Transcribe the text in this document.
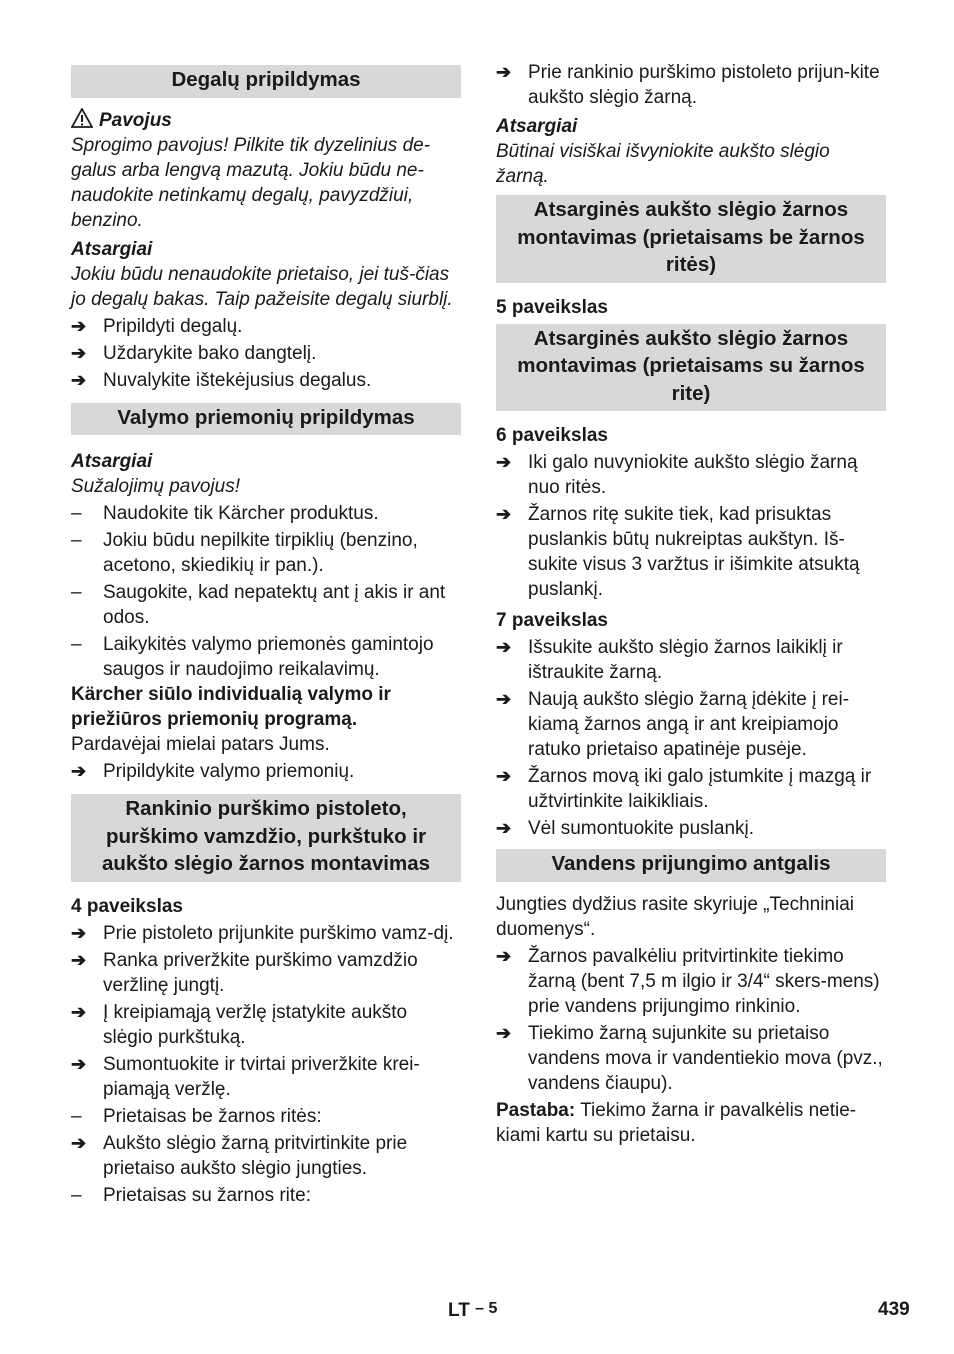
Degalų pripildymas

Pavojus

Sprogimo pavojus! Pilkite tik dyzelinius de-galus arba lengvą mazutą. Jokiu būdu ne-naudokite netinkamų degalų, pavyzdžiui, benzino.

Atsargiai

Jokiu būdu nenaudokite prietaiso, jei tuš-čias jo degalų bakas. Taip pažeisite degalų siurblį.

➔ Pripildyti degalų.
➔ Uždarykite bako dangtelį.
➔ Nuvalykite ištekėjusius degalus.
Valymo priemonių pripildymas

Atsargiai

Sužalojimų pavojus!

–	Naudokite tik Kärcher produktus.
–	Jokiu būdu nepilkite tirpiklių (benzino, acetono, skiedikių ir pan.).
–	Saugokite, kad nepatektų ant į akis ir ant odos.
–	Laikykitės valymo priemonės gamintojo saugos ir naudojimo reikalavimų.

Kärcher siūlo individualią valymo ir priežiūros priemonių programą.

Pardavėjai mielai patars Jums.

➔ Pripildykite valymo priemonių.
Rankinio purškimo pistoleto, purškimo vamzdžio, purkštuko ir aukšto slėgio žarnos montavimas

4 paveikslas

➔ Prie pistoleto prijunkite purškimo vamz-dį.
➔ Ranka priveržkite purškimo vamzdžio veržlinę jungtį.
➔ Į kreipiamąją veržlę įstatykite aukšto slėgio purkštuką.
➔ Sumontuokite ir tvirtai priveržkite krei-piamąją veržlę.
–	Prietaisas be žarnos ritės:
➔ Aukšto slėgio žarną pritvirtinkite prie prietaiso aukšto slėgio jungties.
–	Prietaisas su žarnos rite:
➔ Prie rankinio purškimo pistoleto prijun-kite aukšto slėgio žarną.

Atsargiai

Būtinai visiškai išvyniokite aukšto slėgio žarną.

Atsarginės aukšto slėgio žarnos montavimas (prietaisams be žarnos ritės)

5 paveikslas

Atsarginės aukšto slėgio žarnos montavimas (prietaisams su žarnos rite)

6 paveikslas

➔ Iki galo nuvyniokite aukšto slėgio žarną nuo ritės.
➔ Žarnos ritę sukite tiek, kad prisuktas puslankis būtų nukreiptas aukštyn. Iš-sukite visus 3 varžtus ir išimkite atsuktą puslankį.

7 paveikslas

➔ Išsukite aukšto slėgio žarnos laikiklį ir ištraukite žarną.
➔ Naują aukšto slėgio žarną įdėkite į rei-kiamą žarnos angą ir ant kreipiamojo ratuko prietaiso apatinėje pusėje.
➔ Žarnos movą iki galo įstumkite į mazgą ir užtvirtinkite laikikliais.
➔ Vėl sumontuokite puslankį.
Vandens prijungimo antgalis

Jungties dydžius rasite skyriuje „Techniniai duomenys“.

➔ Žarnos pavalkėliu pritvirtinkite tiekimo žarną (bent 7,5 m ilgio ir 3/4“ skers-mens) prie vandens prijungimo rinkinio.
➔ Tiekimo žarną sujunkite su prietaiso vandens mova ir vandentiekio mova (pvz., vandens čiaupu).

Pastaba: Tiekimo žarna ir pavalkėlis netie-kiami kartu su prietaisu.

LT – 5	439
